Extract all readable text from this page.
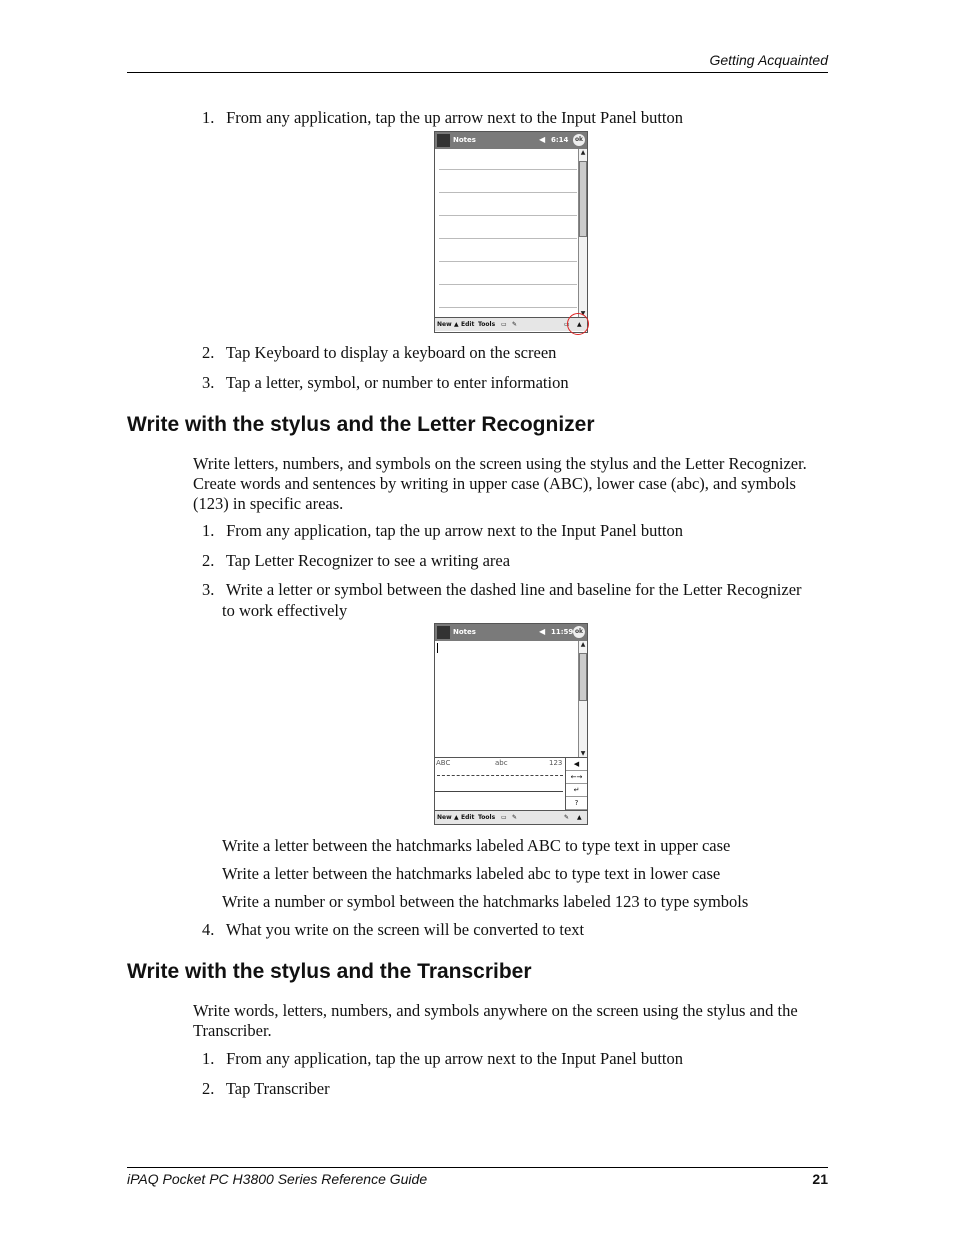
Getting Acquainted
1. From any application, tap the up arrow next to the Input Panel button
Notes	◀ 6:14	ok
▲
▼
New ▲ Edit Tools ▭ ✎	▭ ▲
2. Tap Keyboard to display a keyboard on the screen
3. Tap a letter, symbol, or number to enter information
Write with the stylus and the Letter Recognizer
Write letters, numbers, and symbols on the screen using the stylus and the Letter Recognizer. Create words and sentences by writing in upper case (ABC), lower case (abc), and symbols (123) in specific areas.
1. From any application, tap the up arrow next to the Input Panel button
2. Tap Letter Recognizer to see a writing area
3. Write a letter or symbol between the dashed line and baseline for the Letter Recognizer
to work effectively
Notes	◀ 11:59 ok
▲
▼
ABC	abc	123	◀
←→
↵
?
New ▲ Edit Tools ▭ ✎	✎ ▲
Write a letter between the hatchmarks labeled ABC to type text in upper case
Write a letter between the hatchmarks labeled abc to type text in lower case
Write a number or symbol between the hatchmarks labeled 123 to type symbols
4. What you write on the screen will be converted to text
Write with the stylus and the Transcriber
Write words, letters, numbers, and symbols anywhere on the screen using the stylus and the Transcriber.
1. From any application, tap the up arrow next to the Input Panel button
2. Tap Transcriber
iPAQ Pocket PC H3800 Series Reference Guide	21
